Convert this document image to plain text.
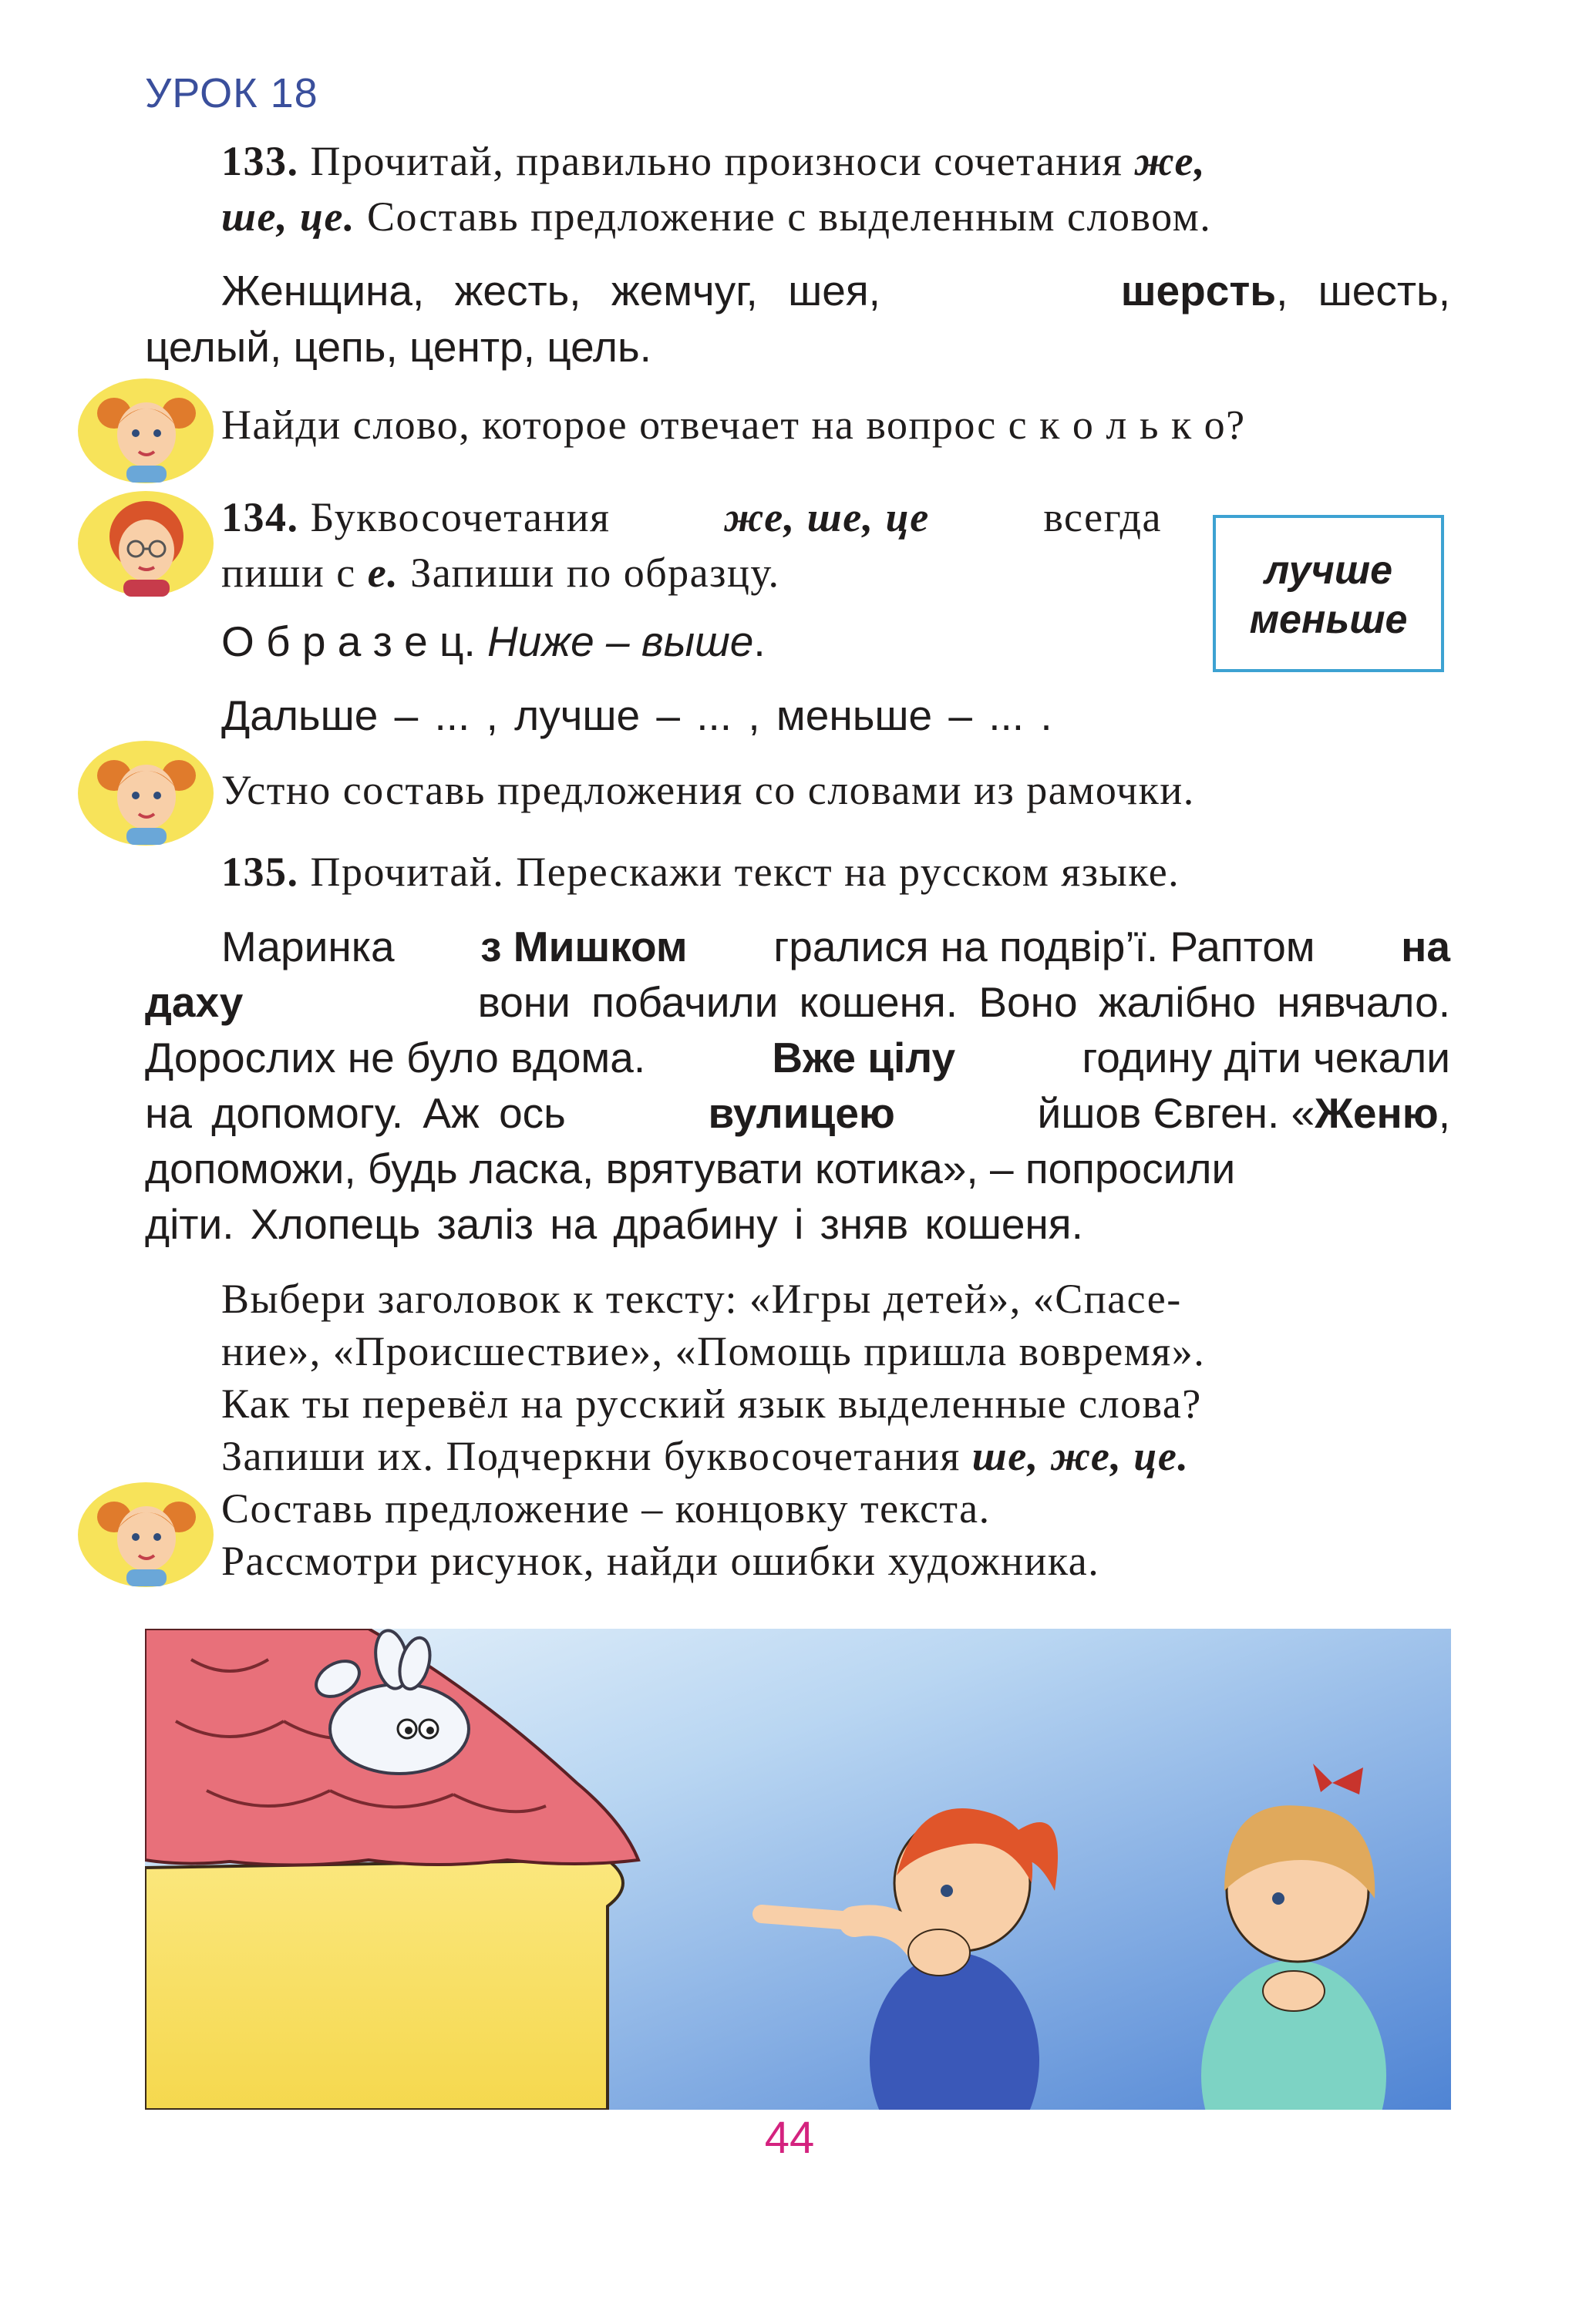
УРОК 18
133. Прочитай, правильно произноси сочетания же,
ше, це. Составь предложение с выделенным словом.
Женщина, жесть, жемчуг, шея,	шерсть, шесть,
целый, цепь, центр, цель.
Найди слово, которое отвечает на вопрос с к о л ь к о?
134. Буквосочетания	же, ше, це	всегда
пиши с е. Запиши по образцу.	лучше
меньше
О б р а з е ц. Ниже – выше.
Дальше – ... , лучше – ... , меньше – ... .
Устно составь предложения со словами из рамочки.
135. Прочитай. Перескажи текст на русском языке.
Маринка з Мишком гралися на подвір’ї. Раптом на
даху	вони побачили кошеня. Воно жалібно нявчало.
Дорослих не було вдома.	Вже цілу	годину діти чекали
на допомогу. Аж ось	вулицею	йшов Євген. «Женю,
допоможи, будь ласка, врятувати котика», – попросили
діти. Хлопець заліз на драбину і зняв кошеня.
Выбери заголовок к тексту: «Игры детей», «Спасе-
ние», «Происшествие», «Помощь пришла вовремя».
Как ты перевёл на русский язык выделенные слова?
Запиши их. Подчеркни буквосочетания ше, же, це.
Составь предложение – концовку текста.
Рассмотри рисунок, найди ошибки художника.
44
